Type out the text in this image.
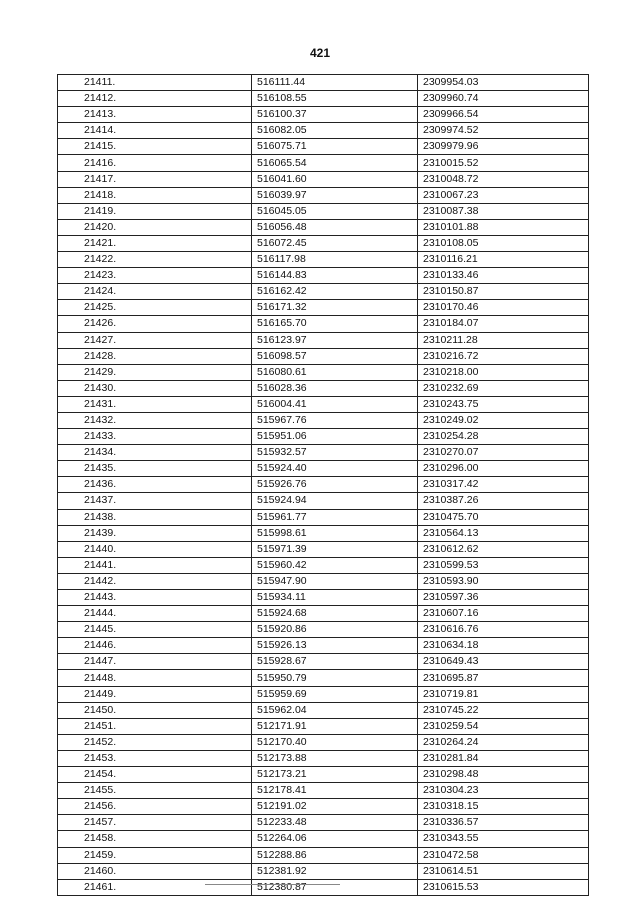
421
21411.	516111.44	2309954.03
21412.	516108.55	2309960.74
21413.	516100.37	2309966.54
21414.	516082.05	2309974.52
21415.	516075.71	2309979.96
21416.	516065.54	2310015.52
21417.	516041.60	2310048.72
21418.	516039.97	2310067.23
21419.	516045.05	2310087.38
21420.	516056.48	2310101.88
21421.	516072.45	2310108.05
21422.	516117.98	2310116.21
21423.	516144.83	2310133.46
21424.	516162.42	2310150.87
21425.	516171.32	2310170.46
21426.	516165.70	2310184.07
21427.	516123.97	2310211.28
21428.	516098.57	2310216.72
21429.	516080.61	2310218.00
21430.	516028.36	2310232.69
21431.	516004.41	2310243.75
21432.	515967.76	2310249.02
21433.	515951.06	2310254.28
21434.	515932.57	2310270.07
21435.	515924.40	2310296.00
21436.	515926.76	2310317.42
21437.	515924.94	2310387.26
21438.	515961.77	2310475.70
21439.	515998.61	2310564.13
21440.	515971.39	2310612.62
21441.	515960.42	2310599.53
21442.	515947.90	2310593.90
21443.	515934.11	2310597.36
21444.	515924.68	2310607.16
21445.	515920.86	2310616.76
21446.	515926.13	2310634.18
21447.	515928.67	2310649.43
21448.	515950.79	2310695.87
21449.	515959.69	2310719.81
21450.	515962.04	2310745.22
21451.	512171.91	2310259.54
21452.	512170.40	2310264.24
21453.	512173.88	2310281.84
21454.	512173.21	2310298.48
21455.	512178.41	2310304.23
21456.	512191.02	2310318.15
21457.	512233.48	2310336.57
21458.	512264.06	2310343.55
21459.	512288.86	2310472.58
21460.	512381.92	2310614.51
21461.	512380.87	2310615.53
